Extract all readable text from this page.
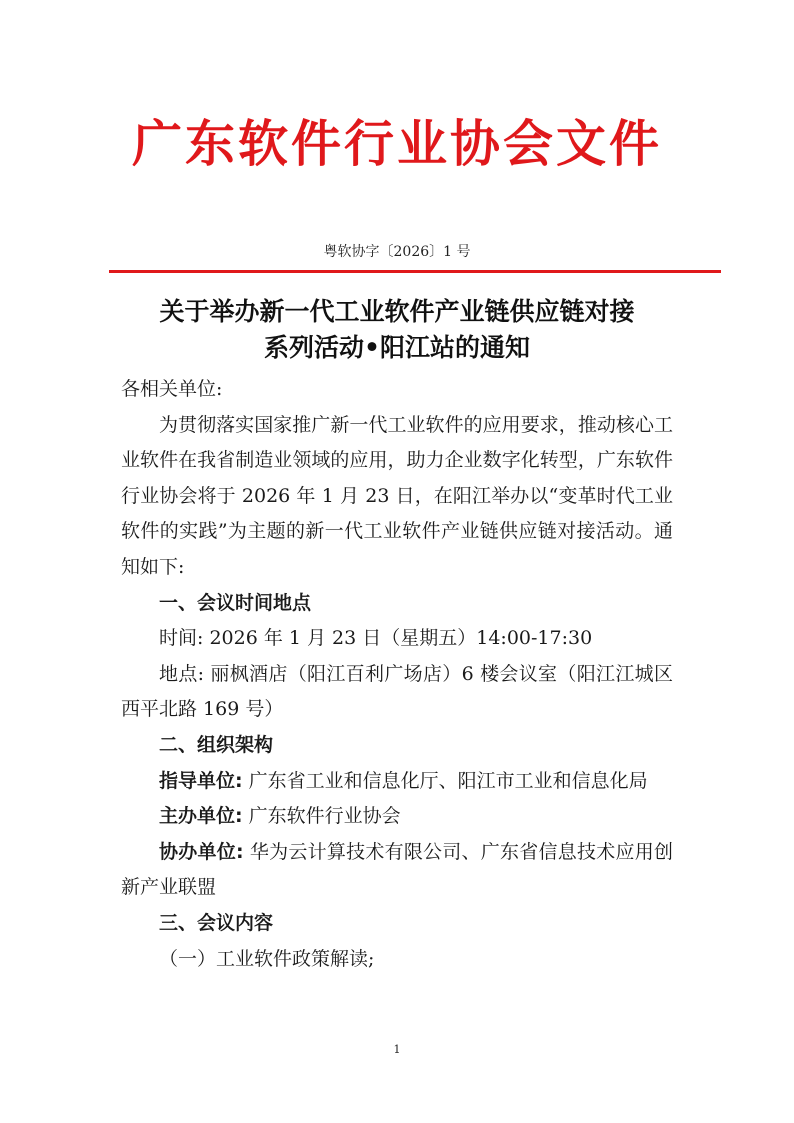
广东软件行业协会文件
粤软协字〔2026〕1 号
关于举办新一代工业软件产业链供应链对接
系列活动•阳江站的通知

各相关单位:

为贯彻落实国家推广新一代工业软件的应用要求，推动核心工业软件在我省制造业领域的应用，助力企业数字化转型，广东软件行业协会将于 2026 年 1 月 23 日，在阳江举办以“变革时代工业软件的实践”为主题的新一代工业软件产业链供应链对接活动。通知如下:

一、会议时间地点

时间: 2026 年 1 月 23 日（星期五）14:00-17:30

地点: 丽枫酒店（阳江百利广场店）6 楼会议室（阳江江城区西平北路 169 号）

二、组织架构

指导单位: 广东省工业和信息化厅、阳江市工业和信息化局

主办单位: 广东软件行业协会

协办单位: 华为云计算技术有限公司、广东省信息技术应用创新产业联盟

三、会议内容

（一）工业软件政策解读;

1
